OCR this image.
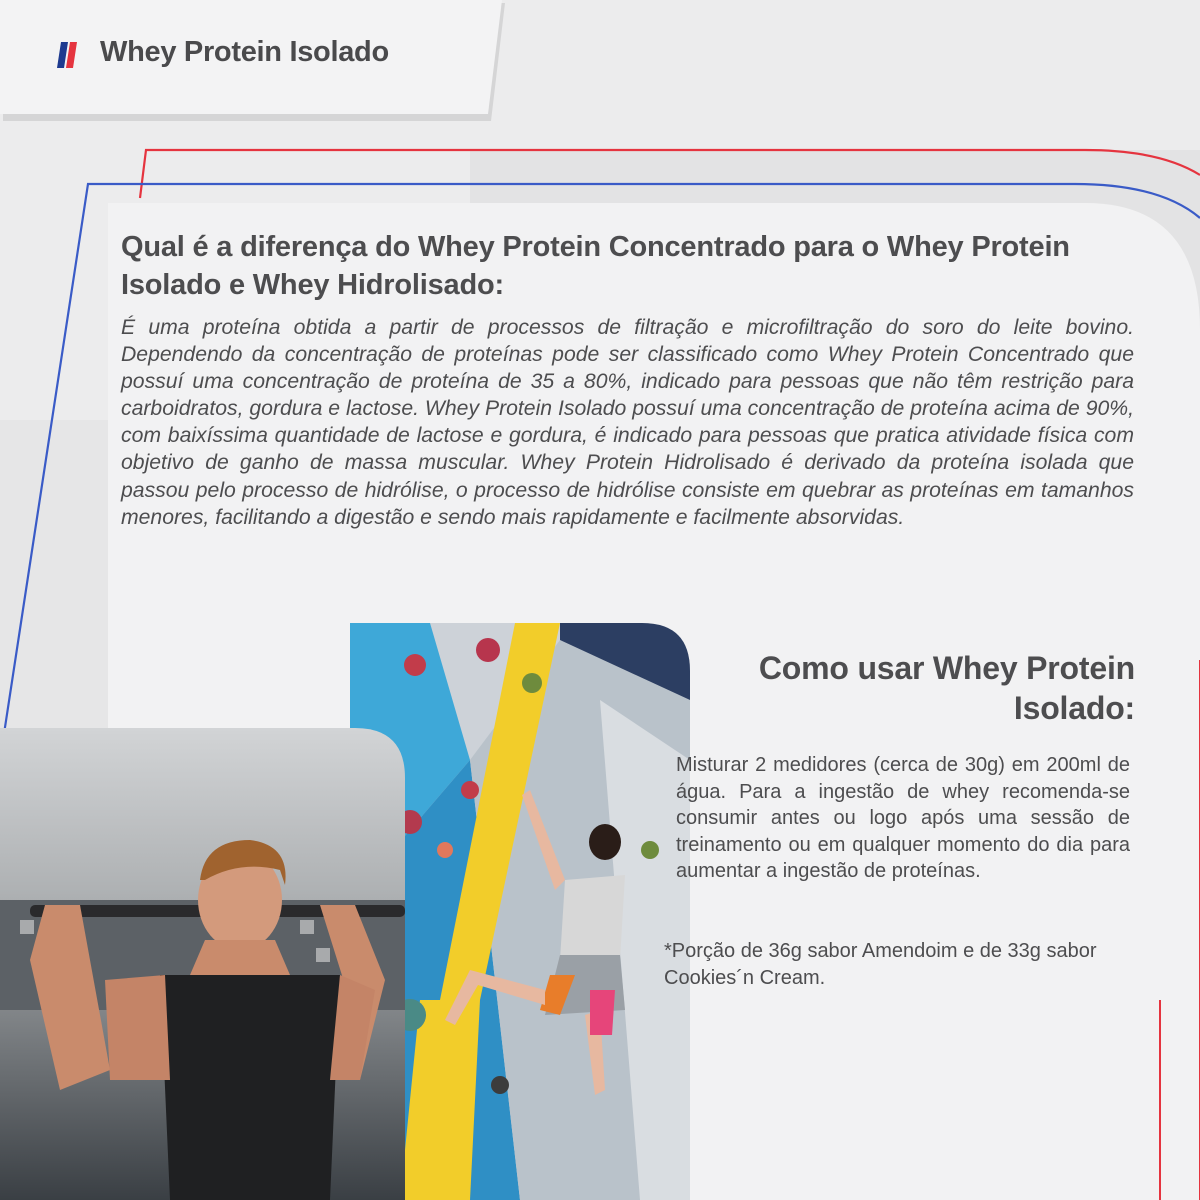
Whey Protein Isolado
Qual é a diferença do Whey Protein Concentrado para o Whey Protein Isolado e Whey Hidrolisado:
É uma proteína obtida a partir de processos de filtração e microfiltração do soro do leite bovino. Dependendo da concentração de proteínas pode ser classificado como Whey Protein Concentrado que possuí uma concentração de proteína de 35 a 80%, indicado para pessoas que não têm restrição para carboidratos, gordura e lactose. Whey Protein Isolado possuí uma concentração de proteína acima de 90%, com baixíssima quantidade de lactose e gordura, é indicado para pessoas que pratica atividade física com objetivo de ganho de massa muscular. Whey Protein Hidrolisado é derivado da proteína isolada que passou pelo processo de hidrólise, o processo de hidrólise consiste em quebrar as proteínas em tamanhos menores, facilitando a digestão e sendo mais rapidamente e facilmente absorvidas.
Como usar Whey Protein Isolado:
Misturar 2 medidores (cerca de 30g) em 200ml de água. Para a ingestão de whey recomenda-se consumir antes ou logo após uma sessão de treinamento ou em qualquer momento do dia para aumentar a ingestão de proteínas.
*Porção de 36g sabor Amendoim e de 33g sabor Cookies´n Cream.
